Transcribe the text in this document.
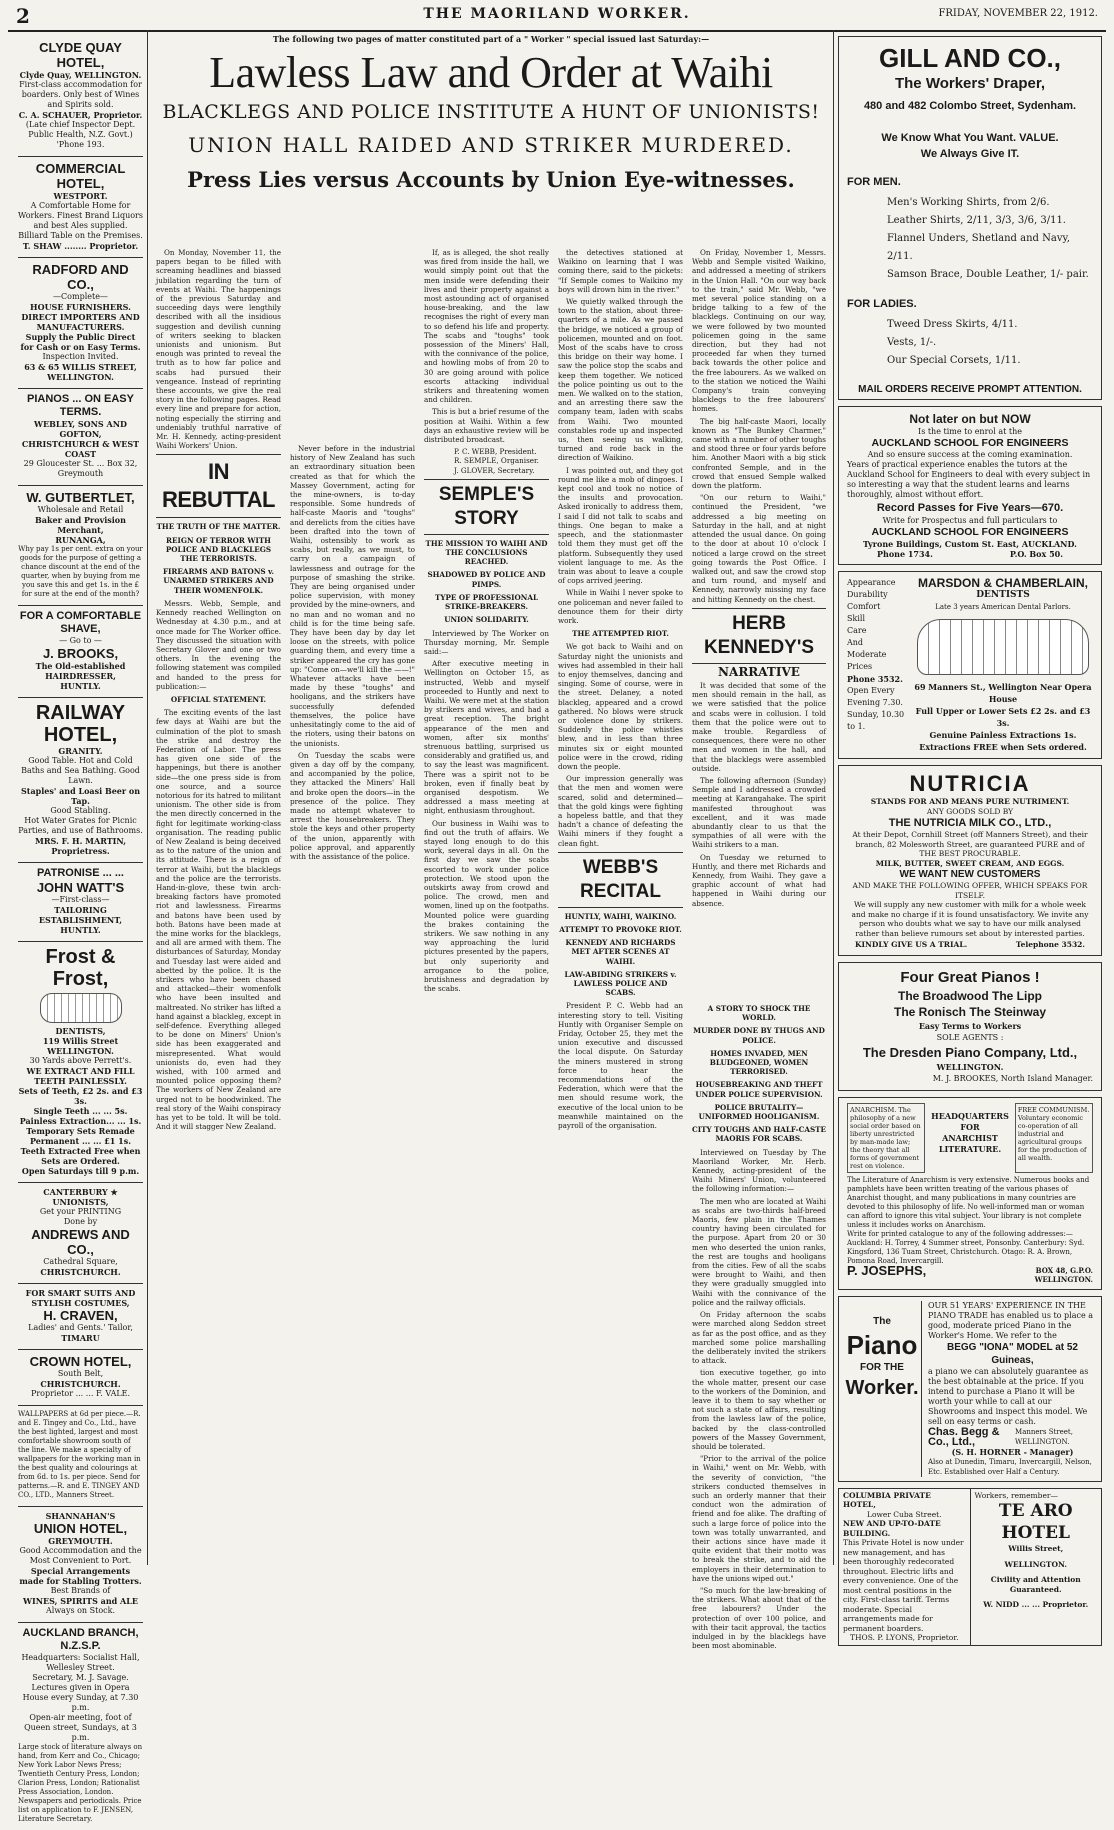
2	THE MAORILAND WORKER.	FRIDAY, NOVEMBER 22, 1912.
CLYDE QUAY HOTEL,
Clyde Quay, WELLINGTON.
First-class accommodation for boarders. Only best of Wines and Spirits sold.
C. A. SCHAUER, Proprietor.
(Late chief Inspector Dept. Public Health, N.Z. Govt.) 'Phone 193.
COMMERCIAL HOTEL,
WESTPORT.
A Comfortable Home for Workers. Finest Brand Liquors and best Ales supplied.
Billiard Table on the Premises.
T. SHAW ........ Proprietor.
RADFORD AND CO.,
—Complete—
HOUSE FURNISHERS.
DIRECT IMPORTERS AND MANUFACTURERS.
Supply the Public Direct for Cash or on Easy Terms.
Inspection Invited.
63 & 65 WILLIS STREET,
WELLINGTON.
PIANOS ... ON EASY TERMS.
WEBLEY, SONS AND GOFTON,
CHRISTCHURCH & WEST COAST
29 Gloucester St. ... Box 32, Greymouth
W. GUTBERTLET,
Wholesale and Retail
Baker and Provision Merchant,
RUNANGA,
Why pay 1s per cent. extra on your goods for the purpose of getting a chance discount at the end of the quarter, when by buying from me you save this and get 1s. in the £ for sure at the end of the month?
FOR A COMFORTABLE SHAVE,
— Go to —
J. BROOKS,
The Old-established HAIRDRESSER,
HUNTLY.
RAILWAY
HOTEL,
GRANITY.
Good Table. Hot and Cold Baths and Sea Bathing. Good Lawn.
Staples' and Loasi Beer on Tap.
Good Stabling.
Hot Water Grates for Picnic Parties, and use of Bathrooms.
MRS. F. H. MARTIN, Proprietress.
PATRONISE ... ...
JOHN WATT'S
—First-class—
TAILORING ESTABLISHMENT,
HUNTLY.
Frost & Frost,
DENTISTS,
119 Willis Street
WELLINGTON.
30 Yards above Perrett's.
WE EXTRACT AND FILL TEETH PAINLESSLY.
Sets of Teeth, £2 2s. and £3 3s.
Single Teeth ... ... 5s.
Painless Extraction... ... 1s.
Temporary Sets Remade Permanent ... ... £1 1s.
Teeth Extracted Free when Sets are Ordered.
Open Saturdays till 9 p.m.
CANTERBURY ★ UNIONISTS,
Get your PRINTING
Done by
ANDREWS AND CO.,
Cathedral Square,
CHRISTCHURCH.
FOR SMART SUITS AND STYLISH COSTUMES,
H. CRAVEN,
Ladies' and Gents.' Tailor,
TIMARU
CROWN HOTEL,
South Belt,
CHRISTCHURCH.
Proprietor ... ... F. VALE.
WALLPAPERS at 6d per piece.—R. and E. Tingey and Co., Ltd., have the best lighted, largest and most comfortable showroom south of the line. We make a specialty of wallpapers for the working man in the best quality and colourings at from 6d. to 1s. per piece. Send for patterns.—R. and E. TINGEY AND CO., LTD., Manners Street.
SHANNAHAN'S
UNION HOTEL,
GREYMOUTH.
Good Accommodation and the Most Convenient to Port.
Special Arrangements made for Stabling Trotters.
Best Brands of
WINES, SPIRITS and ALE
Always on Stock.
AUCKLAND BRANCH, N.Z.S.P.
Headquarters: Socialist Hall, Wellesley Street.
Secretary, M. J. Savage.
Lectures given in Opera House every Sunday, at 7.30 p.m.
Open-air meeting, foot of Queen street, Sundays, at 3 p.m.
Large stock of literature always on hand, from Kerr and Co., Chicago; New York Labor News Press; Twentieth Century Press, London; Clarion Press, London; Rationalist Press Association, London. Newspapers and periodicals. Price list on application to F. JENSEN, Literature Secretary.
The following two pages of matter constituted part of a " Worker " special issued last Saturday:—
Lawless Law and Order at Waihi
BLACKLEGS AND POLICE INSTITUTE A HUNT OF UNIONISTS!
UNION HALL RAIDED AND STRIKER MURDERED.
Press Lies versus Accounts by Union Eye-witnesses.

On Monday, November 11, the papers began to be filled with screaming headlines and biassed jubilation regarding the turn of events at Waihi. The happenings of the previous Saturday and succeeding days were lengthily described with all the insidious suggestion and devilish cunning of writers seeking to blacken unionists and unionism. But enough was printed to reveal the truth as to how far police and scabs had pursued their vengeance. Instead of reprinting these accounts, we give the real story in the following pages. Read every line and prepare for action, noting especially the stirring and undeniably truthful narrative of Mr. H. Kennedy, acting-president Waihi Workers' Union.

IN REBUTTAL
THE TRUTH OF THE MATTER.
REIGN OF TERROR WITH POLICE AND BLACKLEGS THE TERRORISTS.
FIREARMS AND BATONS v. UNARMED STRIKERS AND THEIR WOMENFOLK.

Messrs. Webb, Semple, and Kennedy reached Wellington on Wednesday at 4.30 p.m., and at once made for The Worker office. They discussed the situation with Secretary Glover and one or two others. In the evening the following statement was compiled and handed to the press for publication:—

OFFICIAL STATEMENT.

The exciting events of the last few days at Waihi are but the culmination of the plot to smash the strike and destroy the Federation of Labor. The press has given one side of the happenings, but there is another side—the one press side is from one source, and a source notorious for its hatred to militant unionism. The other side is from the men directly concerned in the fight for legitimate working-class organisation. The reading public of New Zealand is being deceived as to the nature of the union and its attitude. There is a reign of terror at Waihi, but the blacklegs and the police are the terrorists. Hand-in-glove, these twin arch-breaking factors have promoted riot and lawlessness. Firearms and batons have been used by both. Batons have been made at the mine works for the blacklegs, and all are armed with them. The disturbances of Saturday, Monday and Tuesday last were aided and abetted by the police. It is the strikers who have been chased and attacked—their womenfolk who have been insulted and maltreated. No striker has lifted a hand against a blackleg, except in self-defence. Everything alleged to be done on Miners' Union's side has been exaggerated and misrepresented. What would unionists do, even had they wished, with 100 armed and mounted police opposing them? The workers of New Zealand are urged not to be hoodwinked. The real story of the Waihi conspiracy has yet to be told. It will be told. And it will stagger New Zealand.

Never before in the industrial history of New Zealand has such an extraordinary situation been created as that for which the Massey Government, acting for the mine-owners, is to-day responsible. Some hundreds of half-caste Maoris and "toughs" and derelicts from the cities have been drafted into the town of Waihi, ostensibly to work as scabs, but really, as we must, to carry on a campaign of lawlessness and outrage for the purpose of smashing the strike. They are being organised under police supervision, with money provided by the mine-owners, and no man and no woman and no child is for the time being safe. They have been day by day let loose on the streets, with police guarding them, and every time a striker appeared the cry has gone up: "Come on—we'll kill the ——!" Whatever attacks have been made by these "toughs" and hooligans, and the strikers have successfully defended themselves, the police have unhesitatingly come to the aid of the rioters, using their batons on the unionists.

On Tuesday the scabs were given a day off by the company, and accompanied by the police, they attacked the Miners' Hall and broke open the doors—in the presence of the police. They made no attempt whatever to arrest the housebreakers. They stole the keys and other property of the union, apparently with police approval, and apparently with the assistance of the police.

If, as is alleged, the shot really was fired from inside the hall, we would simply point out that the men inside were defending their lives and their property against a most astounding act of organised house-breaking, and the law recognises the right of every man to so defend his life and property. The scabs and "toughs" took possession of the Miners' Hall, with the connivance of the police, and howling mobs of from 20 to 30 are going around with police escorts attacking individual strikers and threatening women and children.

This is but a brief resume of the position at Waihi. Within a few days an exhaustive review will be distributed broadcast.

P. C. WEBB, President.
R. SEMPLE, Organiser.
J. GLOVER, Secretary.
SEMPLE'S STORY
THE MISSION TO WAIHI AND THE CONCLUSIONS REACHED.
SHADOWED BY POLICE AND PIMPS.
TYPE OF PROFESSIONAL STRIKE-BREAKERS.
UNION SOLIDARITY.

Interviewed by The Worker on Thursday morning, Mr. Semple said:—

After executive meeting in Wellington on October 15, as instructed, Webb and myself proceeded to Huntly and next to Waihi. We were met at the station by strikers and wives, and had a great reception. The bright appearance of the men and women, after six months' strenuous battling, surprised us considerably and gratified us, and to say the least was magnificent. There was a spirit not to be broken, even if finally beat by organised despotism. We addressed a mass meeting at night, enthusiasm throughout.

Our business in Waihi was to find out the truth of affairs. We stayed long enough to do this work, several days in all. On the first day we saw the scabs escorted to work under police protection. We stood upon the outskirts away from crowd and police. The crowd, men and women, lined up on the footpaths. Mounted police were guarding the brakes containing the strikers. We saw nothing in any way approaching the lurid pictures presented by the papers, but only superiority and arrogance to the police, brutishness and degradation by the scabs.

the detectives stationed at Waikino on learning that I was coming there, said to the pickets: "If Semple comes to Waikino my boys will drown him in the river."

We quietly walked through the town to the station, about three-quarters of a mile. As we passed the bridge, we noticed a group of policemen, mounted and on foot. Most of the scabs have to cross this bridge on their way home. I saw the police stop the scabs and keep them together. We noticed the police pointing us out to the men. We walked on to the station, and an arresting there saw the company team, laden with scabs from Waihi. Two mounted constables rode up and inspected us, then seeing us walking, turned and rode back in the direction of Waikino.

I was pointed out, and they got round me like a mob of dingoes. I kept cool and took no notice of the insults and provocation. Asked ironically to address them, I said I did not talk to scabs and things. One began to make a speech, and the stationmaster told them they must get off the platform. Subsequently they used violent language to me. As the train was about to leave a couple of cops arrived jeering.

While in Waihi I never spoke to one policeman and never failed to denounce them for their dirty work.

THE ATTEMPTED RIOT.

We got back to Waihi and on Saturday night the unionists and wives had assembled in their hall to enjoy themselves, dancing and singing. Some of course, were in the street. Delaney, a noted blackleg, appeared and a crowd gathered. No blows were struck or violence done by strikers. Suddenly the police whistles blew, and in less than three minutes six or eight mounted police were in the crowd, riding down the people.

Our impression generally was that the men and women were scared, solid and determined—that the gold kings were fighting a hopeless battle, and that they hadn't a chance of defeating the Waihi miners if they fought a clean fight.

WEBB'S RECITAL
HUNTLY, WAIHI, WAIKINO.
ATTEMPT TO PROVOKE RIOT.
KENNEDY AND RICHARDS MET AFTER SCENES AT WAIHI.
LAW-ABIDING STRIKERS v. LAWLESS POLICE AND SCABS.

President P. C. Webb had an interesting story to tell. Visiting Huntly with Organiser Semple on Friday, October 25, they met the union executive and discussed the local dispute. On Saturday the miners mustered in strong force to hear the recommendations of the Federation, which were that the men should resume work, the executive of the local union to be meanwhile maintained on the payroll of the organisation.

On Friday, November 1, Messrs. Webb and Semple visited Waikino, and addressed a meeting of strikers in the Union Hall. "On our way back to the train," said Mr. Webb, "we met several police standing on a bridge talking to a few of the blacklegs. Continuing on our way, we were followed by two mounted policemen going in the same direction, but they had not proceeded far when they turned back towards the other police and the free labourers. As we walked on to the station we noticed the Waihi Company's train conveying blacklegs to the free labourers' homes.

The big half-caste Maori, locally known as "The Bunkey Charmer," came with a number of other toughs and stood three or four yards before him. Another Maori with a big stick confronted Semple, and in the crowd that ensued Semple walked down the platform.

"On our return to Waihi," continued the President, "we addressed a big meeting on Saturday in the hall, and at night attended the usual dance. On going to the door at about 10 o'clock I noticed a large crowd on the street going towards the Post Office. I walked out, and saw the crowd stop and turn round, and myself and Kennedy, narrowly missing my face and hitting Kennedy on the chest.

HERB KENNEDY'S
NARRATIVE

It was decided that some of the men should remain in the hall, as we were satisfied that the police and scabs were in collusion. I told them that the police were out to make trouble. Regardless of consequences, there were no other men and women in the hall, and that the blacklegs were assembled outside.

The following afternoon (Sunday) Semple and I addressed a crowded meeting at Karangahake. The spirit manifested throughout was excellent, and it was made abundantly clear to us that the sympathies of all were with the Waihi strikers to a man.

On Tuesday we returned to Huntly, and there met Richards and Kennedy, from Waihi. They gave a graphic account of what had happened in Waihi during our absence.

A STORY TO SHOCK THE WORLD.
MURDER DONE BY THUGS AND POLICE.
HOMES INVADED, MEN BLUDGEONED, WOMEN TERRORISED.
HOUSEBREAKING AND THEFT UNDER POLICE SUPERVISION.
POLICE BRUTALITY—UNIFORMED HOOLIGANISM.
CITY TOUGHS AND HALF-CASTE MAORIS FOR SCABS.

Interviewed on Tuesday by The Maoriland Worker, Mr. Herb. Kennedy, acting-president of the Waihi Miners' Union, volunteered the following information:—

The men who are located at Waihi as scabs are two-thirds half-breed Maoris, few plain in the Thames country having been circulated for the purpose. Apart from 20 or 30 men who deserted the union ranks, the rest are toughs and hooligans from the cities. Few of all the scabs were brought to Waihi, and then they were gradually smuggled into Waihi with the connivance of the police and the railway officials.

On Friday afternoon the scabs were marched along Seddon street as far as the post office, and as they marched some police marshalling the deliberately invited the strikers to attack.

tion executive together, go into the whole matter, present our case to the workers of the Dominion, and leave it to them to say whether or not such a state of affairs, resulting from the lawless law of the police, backed by the class-controlled powers of the Massey Government, should be tolerated.

"Prior to the arrival of the police in Waihi," went on Mr. Webb, with the severity of conviction, "the strikers conducted themselves in such an orderly manner that their conduct won the admiration of friend and foe alike. The drafting of such a large force of police into the town was totally unwarranted, and their actions since have made it quite evident that their motto was to break the strike, and to aid the employers in their determination to have the unions wiped out."

"So much for the law-breaking of the strikers. What about that of the free labourers? Under the protection of over 100 police, and with their tacit approval, the tactics indulged in by the blacklegs have been most abominable.

GILL AND CO.,
The Workers' Draper,
480 and 482 Colombo Street, Sydenham.
We Know What You Want. VALUE.
We Always Give IT.
FOR MEN.
Men's Working Shirts, from 2/6.
Leather Shirts, 2/11, 3/3, 3/6, 3/11.
Flannel Unders, Shetland and Navy, 2/11.
Samson Brace, Double Leather, 1/- pair.
FOR LADIES.
Tweed Dress Skirts, 4/11.
Vests, 1/-.
Our Special Corsets, 1/11.
MAIL ORDERS RECEIVE PROMPT ATTENTION.
Not later on but NOW
Is the time to enrol at the
AUCKLAND SCHOOL FOR ENGINEERS
And so ensure success at the coming examination.
Years of practical experience enables the tutors at the Auckland School for Engineers to deal with every subject in so interesting a way that the student learns and learns thoroughly, almost without effort.
Record Passes for Five Years—670.
Write for Prospectus and full particulars to
AUCKLAND SCHOOL FOR ENGINEERS
Tyrone Buildings, Custom St. East, AUCKLAND.
Phone 1734.	P.O. Box 50.
Appearance
Durability
Comfort
Skill
Care
And
Moderate
Prices
Phone 3532.
Open Every Evening 7.30.
Sunday, 10.30 to 1.
MARSDON & CHAMBERLAIN,
DENTISTS
Late 3 years American Dental Parlors.
69 Manners St., Wellington Near Opera House
Full Upper or Lower Sets £2 2s. and £3 3s.
Genuine Painless Extractions 1s.
Extractions FREE when Sets ordered.
NUTRICIA
STANDS FOR AND MEANS PURE NUTRIMENT.
ANY GOODS SOLD BY
THE NUTRICIA MILK CO., LTD.,
At their Depot, Cornhill Street (off Manners Street), and their branch, 82 Molesworth Street, are guaranteed PURE and of THE BEST PROCURABLE.
MILK, BUTTER, SWEET CREAM, AND EGGS.
WE WANT NEW CUSTOMERS
AND MAKE THE FOLLOWING OFFER, WHICH SPEAKS FOR ITSELF.
We will supply any new customer with milk for a whole week and make no charge if it is found unsatisfactory. We invite any person who doubts what we say to have our milk analysed rather than believe rumours set about by interested parties.
KINDLY GIVE US A TRIAL.	Telephone 3532.
Four Great Pianos !
The Broadwood The Lipp
The Ronisch The Steinway
Easy Terms to Workers
SOLE AGENTS :
The Dresden Piano Company, Ltd.,
WELLINGTON.
M. J. BROOKES, North Island Manager.
ANARCHISM. The philosophy of a new social order based on liberty unrestricted by man-made law; the theory that all forms of government rest on violence.
HEADQUARTERS FOR ANARCHIST LITERATURE.
FREE COMMUNISM. Voluntary economic co-operation of all industrial and agricultural groups for the production of all wealth.
The Literature of Anarchism is very extensive. Numerous books and pamphlets have been written treating of the various phases of Anarchist thought, and many publications in many countries are devoted to this philosophy of life. No well-informed man or woman can afford to ignore this vital subject. Your library is not complete unless it includes works on Anarchism.
Write for printed catalogue to any of the following addresses:—
Auckland: H. Torrey, 4 Summer street, Ponsonby. Canterbury: Syd. Kingsford, 136 Tuam Street, Christchurch. Otago: R. A. Brown, Pomona Road, Invercargill.
P. JOSEPHS,	BOX 48, G.P.O.
WELLINGTON.
The
Piano
FOR THE
Worker.
OUR 51 YEARS' EXPERIENCE IN THE PIANO TRADE has enabled us to place a good, moderate priced Piano in the Worker's Home. We refer to the
BEGG "IONA" MODEL at 52 Guineas,
a piano we can absolutely guarantee as the best obtainable at the price. If you intend to purchase a Piano it will be worth your while to call at our Showrooms and inspect this model. We sell on easy terms or cash.
Chas. Begg & Co., Ltd.,
Manners Street, WELLINGTON.
(S. H. HORNER - Manager)
Also at Dunedin, Timaru, Invercargill, Nelson, Etc. Established over Half a Century.
COLUMBIA PRIVATE HOTEL,
Lower Cuba Street.
NEW AND UP-TO-DATE BUILDING.
This Private Hotel is now under new management, and has been thoroughly redecorated throughout. Electric lifts and every convenience. One of the most central positions in the city. First-class tariff. Terms moderate. Special arrangements made for permanent boarders.
THOS. P. LYONS, Proprietor.
Workers, remember—
TE ARO HOTEL
Willis Street,
WELLINGTON.
Civility and Attention Guaranteed.
W. NIDD ... ... Proprietor.
